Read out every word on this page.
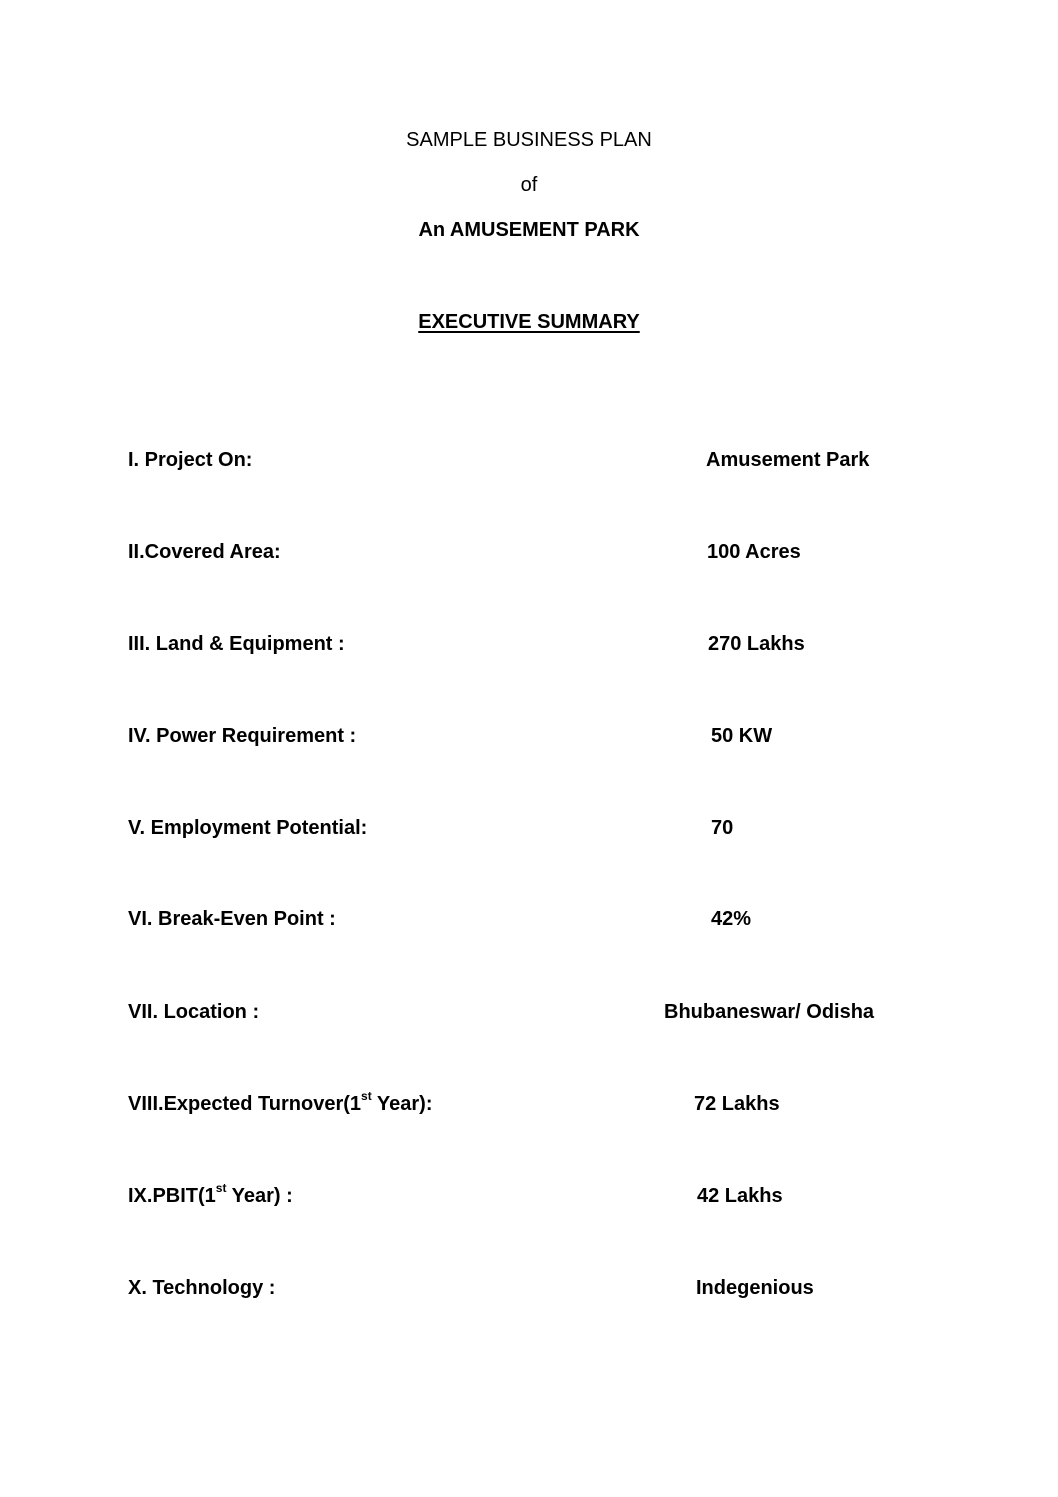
SAMPLE BUSINESS PLAN
of
An AMUSEMENT PARK
EXECUTIVE SUMMARY
I. Project On:	Amusement Park
II.Covered Area:	100 Acres
III. Land & Equipment :	270 Lakhs
IV. Power Requirement :	50 KW
V. Employment Potential:	70
VI. Break-Even Point :	42%
VII. Location :	Bhubaneswar/ Odisha
VIII.Expected Turnover(1st Year):	72 Lakhs
IX.PBIT(1st Year) :	42 Lakhs
X. Technology :	Indegenious
